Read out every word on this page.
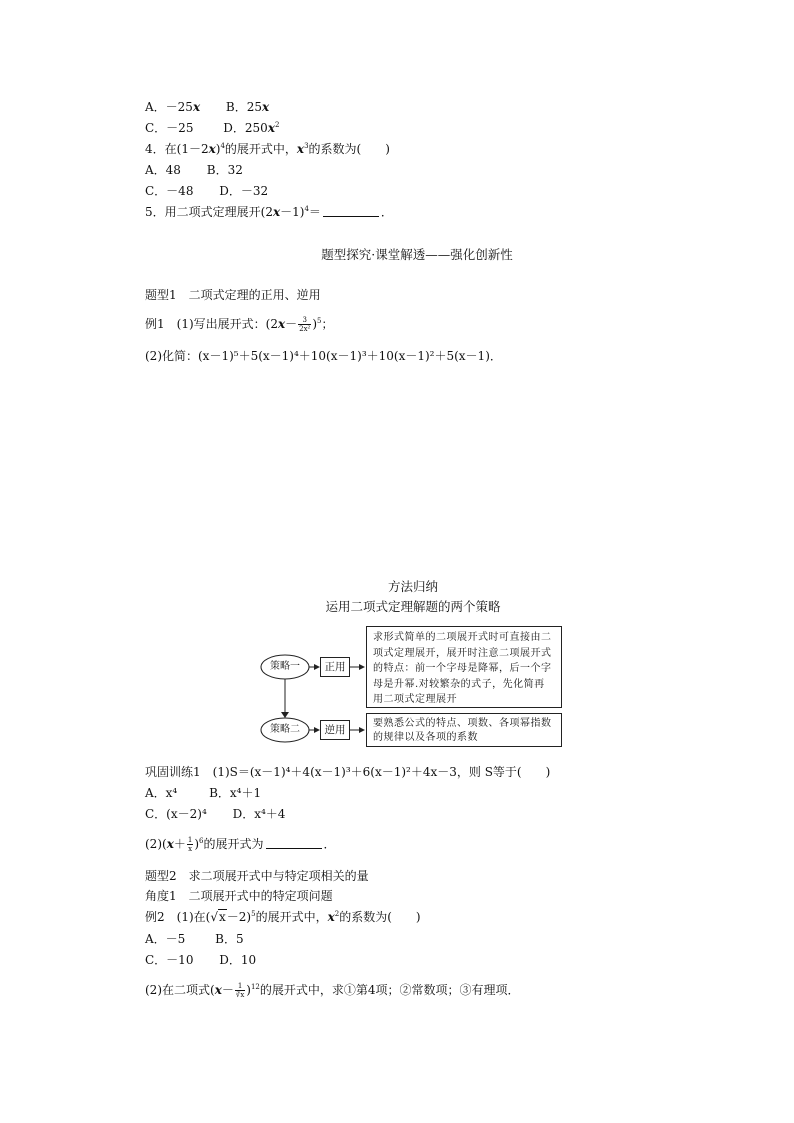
A．－25x B．25x
C．－25 D．$250x^2$
4．在$(1-2x)^4$的展开式中，$x^3$的系数为(　　)
A．48 B．32
C．－48 D．－32
5．用二项式定理展开$(2x-1)^4=$	．
题型探究·课堂解透——强化创新性
题型1　二项式定理的正用、逆用
例1　(1)写出展开式：$(2x- \frac{3}{\text{2x²}} )^5$；
(2)化简：(x－1)⁵＋5(x－1)⁴＋10(x－1)³＋10(x－1)²＋5(x－1)．
方法归纳
运用二项式定理解题的两个策略
策略一
策略二
正用
逆用
求形式简单的二项展开式时可直接由二项式定理展开，展开时注意二项展开式的特点：前一个字母是降幂，后一个字母是升幂.对较繁杂的式子，先化简再用二项式定理展开
要熟悉公式的特点、项数、各项幂指数的规律以及各项的系数
巩固训练1　(1)S＝(x－1)⁴＋4(x－1)³＋6(x－1)²＋4x－3，则 S等于(　　)
A．x⁴	B．x⁴＋1
C．(x－2)⁴ D．x⁴＋4
$(2)(x+ \frac{1}{x} )^6$的展开式为	．
题型2　求二项展开式中与特定项相关的量
角度1　二项展开式中的特定项问题
例2　(1)在$(√x-2)^5$的展开式中，$x^2$的系数为(　　)
A．－5 B．5
C．－10 D．10
(2)在二项式$(x- \frac{1}{∛x} )^{12}$的展开式中，求①第4项；②常数项；③有理项．
